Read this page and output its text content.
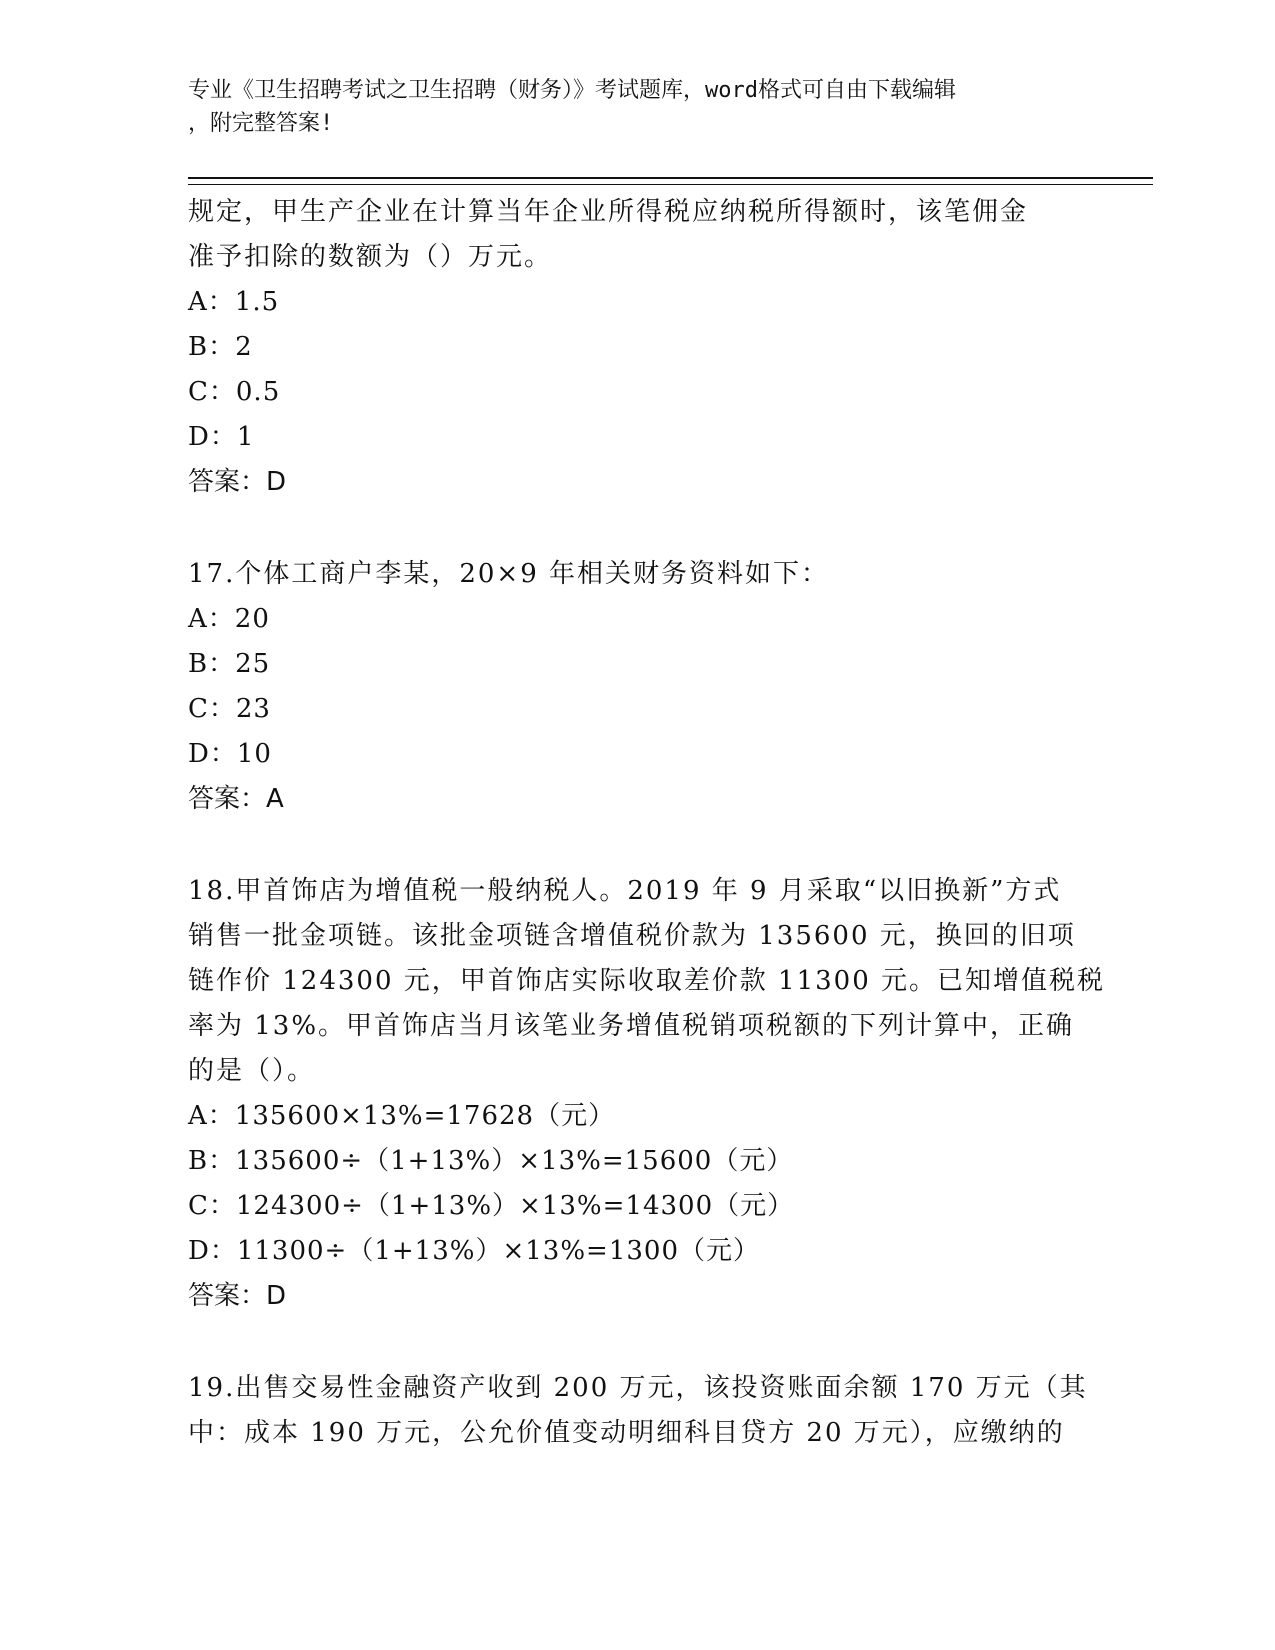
专业《卫生招聘考试之卫生招聘（财务）》考试题库，word格式可自由下载编辑
，附完整答案!
规定，甲生产企业在计算当年企业所得税应纳税所得额时，该笔佣金
准予扣除的数额为（）万元。
A：1.5
B：2
C：0.5
D：1
答案：D
17.个体工商户李某，20×9 年相关财务资料如下：
A：20
B：25
C：23
D：10
答案：A
18.甲首饰店为增值税一般纳税人。2019 年 9 月采取“以旧换新”方式
销售一批金项链。该批金项链含增值税价款为 135600 元，换回的旧项
链作价 124300 元，甲首饰店实际收取差价款 11300 元。已知增值税税
率为 13%。甲首饰店当月该笔业务增值税销项税额的下列计算中，正确
的是（）。
A：135600×13%=17628（元）
B：135600÷（1+13%）×13%=15600（元）
C：124300÷（1+13%）×13%=14300（元）
D：11300÷（1+13%）×13%=1300（元）
答案：D
19.出售交易性金融资产收到 200 万元，该投资账面余额 170 万元（其
中：成本 190 万元，公允价值变动明细科目贷方 20 万元），应缴纳的
